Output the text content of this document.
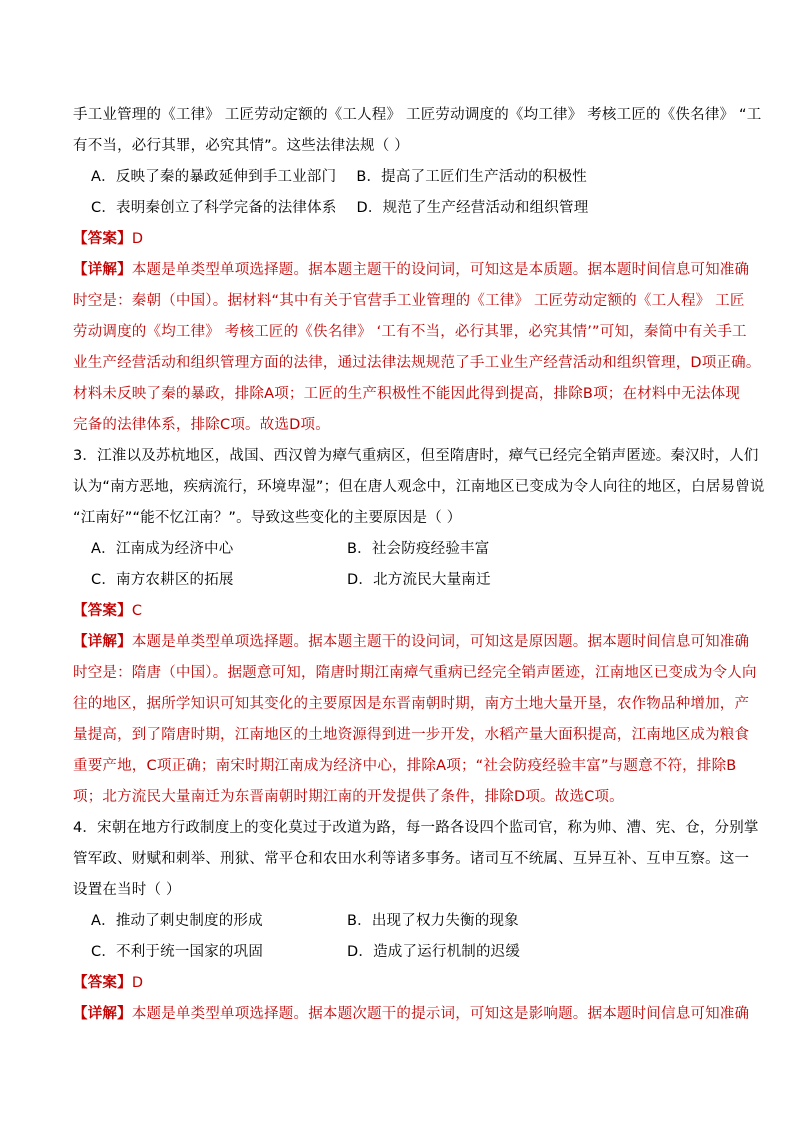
手工业管理的《工律》 工匠劳动定额的《工人程》 工匠劳动调度的《均工律》 考核工匠的《佚名律》 “工
有不当，必行其罪，必究其情”。这些法律法规（ ）
A．反映了秦的暴政延伸到手工业部门 B．提高了工匠们生产活动的积极性
C．表明秦创立了科学完备的法律体系 D．规范了生产经营活动和组织管理
【答案】D
【详解】本题是单类型单项选择题。据本题主题干的设问词，可知这是本质题。据本题时间信息可知准确
时空是：秦朝（中国）。据材料“其中有关于官营手工业管理的《工律》 工匠劳动定额的《工人程》 工匠
劳动调度的《均工律》 考核工匠的《佚名律》 ‘工有不当，必行其罪，必究其情’”可知，秦简中有关手工
业生产经营活动和组织管理方面的法律，通过法律法规规范了手工业生产经营活动和组织管理，D项正确。
材料未反映了秦的暴政，排除A项；工匠的生产积极性不能因此得到提高，排除B项；在材料中无法体现
完备的法律体系，排除C项。故选D项。
3．江淮以及苏杭地区，战国、西汉曾为瘴气重病区，但至隋唐时，瘴气已经完全销声匿迹。秦汉时，人们
认为“南方恶地，疾病流行，环境卑湿”；但在唐人观念中，江南地区已变成为令人向往的地区，白居易曾说
“江南好”“能不忆江南？”。导致这些变化的主要原因是（ ）
A．江南成为经济中心	B．社会防疫经验丰富
C．南方农耕区的拓展	D．北方流民大量南迁
【答案】C
【详解】本题是单类型单项选择题。据本题主题干的设问词，可知这是原因题。据本题时间信息可知准确
时空是：隋唐（中国）。据题意可知，隋唐时期江南瘴气重病已经完全销声匿迹，江南地区已变成为令人向
往的地区，据所学知识可知其变化的主要原因是东晋南朝时期，南方土地大量开垦，农作物品种增加，产
量提高，到了隋唐时期，江南地区的土地资源得到进一步开发，水稻产量大面积提高，江南地区成为粮食
重要产地，C项正确；南宋时期江南成为经济中心，排除A项；“社会防疫经验丰富”与题意不符，排除B
项；北方流民大量南迁为东晋南朝时期江南的开发提供了条件，排除D项。故选C项。
4．宋朝在地方行政制度上的变化莫过于改道为路，每一路各设四个监司官，称为帅、漕、宪、仓，分别掌
管军政、财赋和刺举、刑狱、常平仓和农田水利等诸多事务。诸司互不统属、互异互补、互申互察。这一
设置在当时（ ）
A．推动了刺史制度的形成	B．出现了权力失衡的现象
C．不利于统一国家的巩固	D．造成了运行机制的迟缓
【答案】D
【详解】本题是单类型单项选择题。据本题次题干的提示词，可知这是影响题。据本题时间信息可知准确
